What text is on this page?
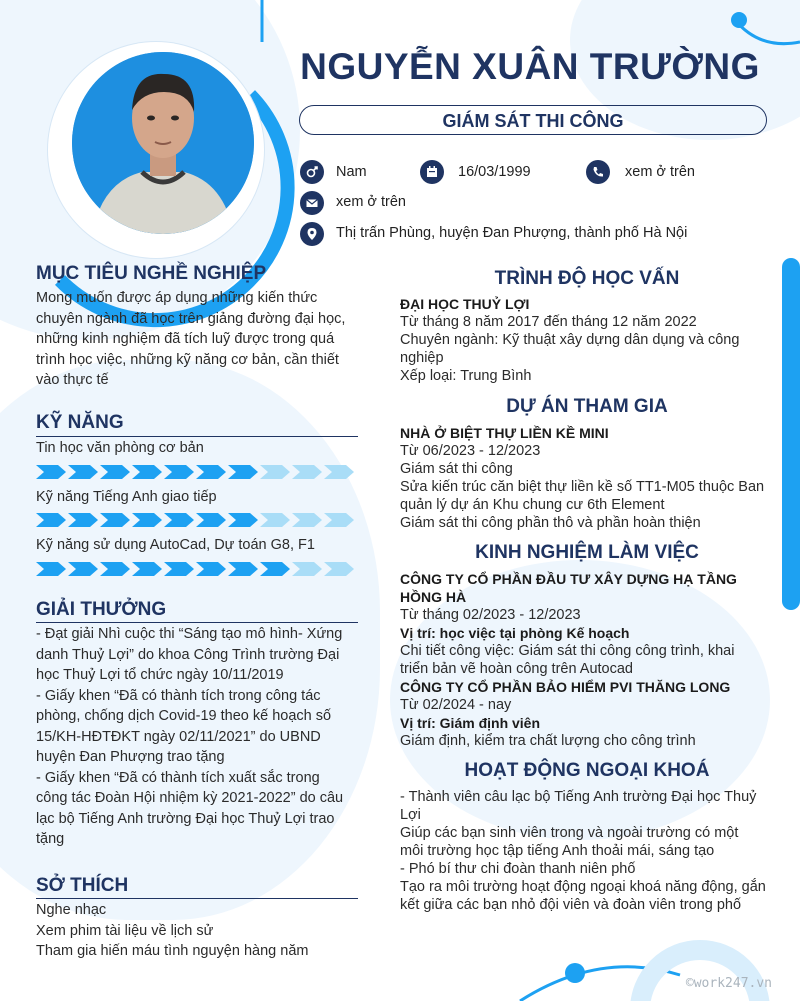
NGUYỄN XUÂN TRƯỜNG
GIÁM SÁT THI CÔNG
Nam	16/03/1999	xem ở trên
xem ở trên
Thị trấn Phùng, huyện Đan Phượng, thành phố Hà Nội
MỤC TIÊU NGHỀ NGHIỆP
Mong muốn được áp dụng những kiến thức
chuyên ngành đã học trên giảng đường đại học,
những kinh nghiệm đã tích luỹ được trong quá
trình học việc, những kỹ năng cơ bản, cần thiết
vào thực tế
KỸ NĂNG
Tin học văn phòng cơ bản
Kỹ năng Tiếng Anh giao tiếp
Kỹ năng sử dụng AutoCad, Dự toán G8, F1
GIẢI THƯỞNG
- Đạt giải Nhì cuộc thi “Sáng tạo mô hình- Xứng
danh Thuỷ Lợi” do khoa Công Trình trường Đại
học Thuỷ Lợi tổ chức ngày 10/11/2019
- Giấy khen “Đã có thành tích trong công tác
phòng, chống dịch Covid-19 theo kế hoạch số
15/KH-HĐTĐKT ngày 02/11/2021” do UBND
huyện Đan Phượng trao tặng
- Giấy khen “Đã có thành tích xuất sắc trong
công tác Đoàn Hội nhiệm kỳ 2021-2022” do câu
lạc bộ Tiếng Anh trường Đại học Thuỷ Lợi trao
tặng
SỞ THÍCH
Nghe nhạc
Xem phim tài liệu về lịch sử
Tham gia hiến máu tình nguyện hàng năm
TRÌNH ĐỘ HỌC VẤN
ĐẠI HỌC THUỶ LỢI
Từ tháng 8 năm 2017 đến tháng 12 năm 2022
Chuyên ngành: Kỹ thuật xây dựng dân dụng và công
nghiệp
Xếp loại: Trung Bình
DỰ ÁN THAM GIA
NHÀ Ở BIỆT THỰ LIỀN KỀ MINI
Từ 06/2023 - 12/2023
Giám sát thi công
Sửa kiến trúc căn biệt thự liền kề số TT1-M05 thuộc Ban
quản lý dự án Khu chung cư 6th Element
Giám sát thi công phần thô và phần hoàn thiện
KINH NGHIỆM LÀM VIỆC
CÔNG TY CỔ PHẦN ĐẦU TƯ XÂY DỰNG HẠ TẦNG
HỒNG HÀ
Từ tháng 02/2023 - 12/2023
Vị trí: học việc tại phòng Kế hoạch
Chi tiết công việc: Giám sát thi công công trình, khai
triển bản vẽ hoàn công trên Autocad
CÔNG TY CỔ PHẦN BẢO HIỂM PVI THĂNG LONG
Từ 02/2024 - nay
Vị trí: Giám định viên
Giám định, kiểm tra chất lượng cho công trình
HOẠT ĐỘNG NGOẠI KHOÁ
- Thành viên câu lạc bộ Tiếng Anh trường Đại học Thuỷ
Lợi
Giúp các bạn sinh viên trong và ngoài trường có một
môi trường học tập tiếng Anh thoải mái, sáng tạo
- Phó bí thư chi đoàn thanh niên phố
Tạo ra môi trường hoạt động ngoại khoá năng động, gắn
kết giữa các bạn nhỏ đội viên và đoàn viên trong phố
©work247.vn
